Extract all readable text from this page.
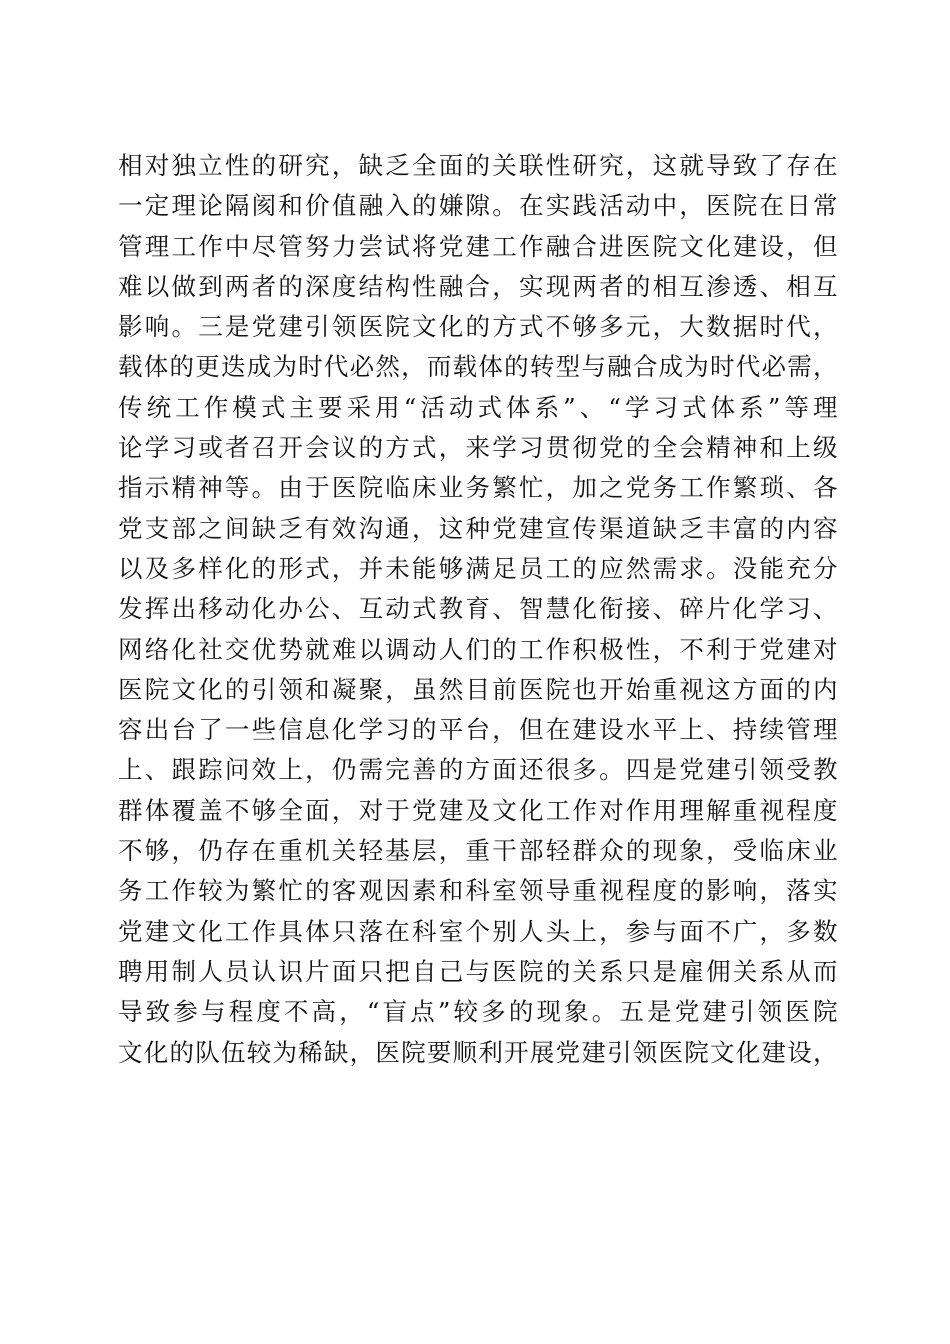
相对独立性的研究，缺乏全面的关联性研究，这就导致了存在
一定理论隔阂和价值融入的嫌隙。在实践活动中，医院在日常
管理工作中尽管努力尝试将党建工作融合进医院文化建设，但
难以做到两者的深度结构性融合，实现两者的相互渗透、相互
影响。三是党建引领医院文化的方式不够多元，大数据时代，
载体的更迭成为时代必然，而载体的转型与融合成为时代必需，
传统工作模式主要采用“活动式体系”、“学习式体系”等理
论学习或者召开会议的方式，来学习贯彻党的全会精神和上级
指示精神等。由于医院临床业务繁忙，加之党务工作繁琐、各
党支部之间缺乏有效沟通，这种党建宣传渠道缺乏丰富的内容
以及多样化的形式，并未能够满足员工的应然需求。没能充分
发挥出移动化办公、互动式教育、智慧化衔接、碎片化学习、
网络化社交优势就难以调动人们的工作积极性，不利于党建对
医院文化的引领和凝聚，虽然目前医院也开始重视这方面的内
容出台了一些信息化学习的平台，但在建设水平上、持续管理
上、跟踪问效上，仍需完善的方面还很多。四是党建引领受教
群体覆盖不够全面，对于党建及文化工作对作用理解重视程度
不够，仍存在重机关轻基层，重干部轻群众的现象，受临床业
务工作较为繁忙的客观因素和科室领导重视程度的影响，落实
党建文化工作具体只落在科室个别人头上，参与面不广，多数
聘用制人员认识片面只把自己与医院的关系只是雇佣关系从而
导致参与程度不高，“盲点”较多的现象。五是党建引领医院
文化的队伍较为稀缺，医院要顺利开展党建引领医院文化建设，
